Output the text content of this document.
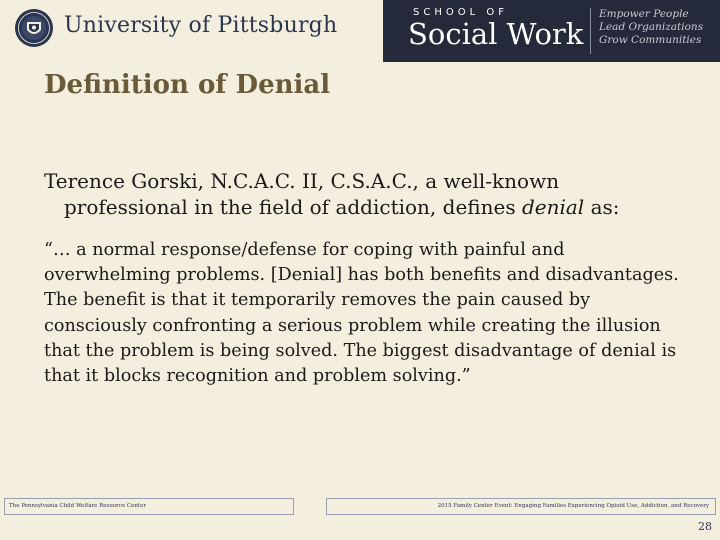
University of Pittsburgh
SCHOOL OF
Social Work
Empower People
Lead Organizations
Grow Communities
Definition of Denial
Terence Gorski, N.C.A.C. II, C.S.A.C., a well-known
professional in the field of addiction, defines denial as:
“… a normal response/defense for coping with painful and
overwhelming problems. [Denial] has both benefits and disadvantages.
The benefit is that it temporarily removes the pain caused by
consciously confronting a serious problem while creating the illusion
that the problem is being solved. The biggest disadvantage of denial is
that it blocks recognition and problem solving.”
The Pennsylvania Child Welfare Resource Center	2015 Family Center Event: Engaging Families Experiencing Opioid Use, Addiction, and Recovery
28
